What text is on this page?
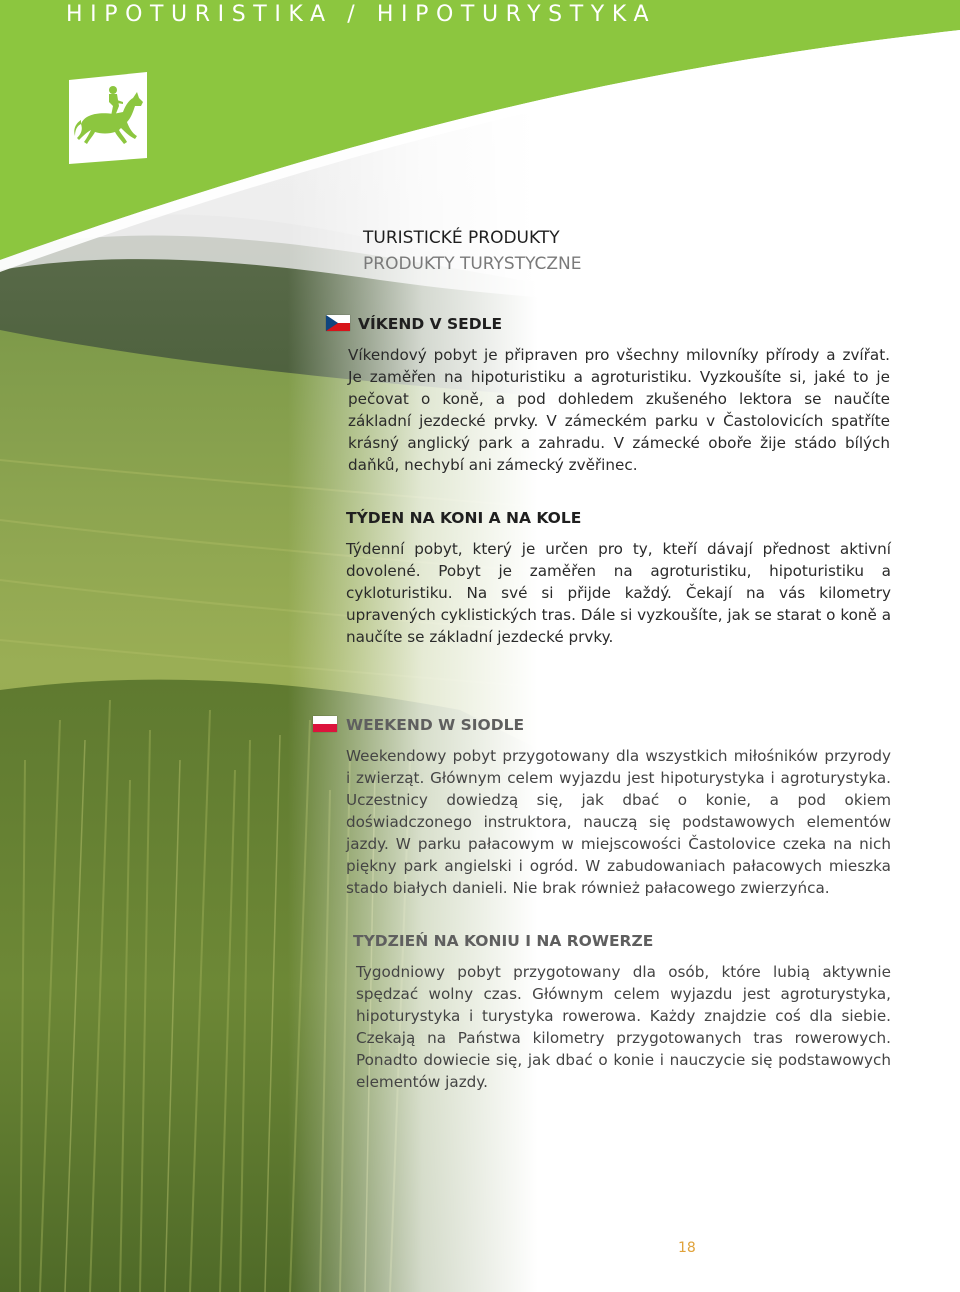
HIPOTURISTIKA / HIPOTURYSTYKA
TURISTICKÉ PRODUKTY
PRODUKTY TURYSTYCZNE
VÍKEND V SEDLE
Víkendový pobyt je připraven pro všechny milovníky přírody a zvířat. Je zaměřen na hipoturistiku a agroturistiku. Vyzkoušíte si, jaké to je pečovat o koně, a pod dohledem zkušeného lektora se naučíte základní jezdecké prvky. V zámeckém parku v Častolovicích spatříte krásný anglický park a zahradu. V zámecké oboře žije stádo bílých daňků, nechybí ani zámecký zvěřinec.
TÝDEN NA KONI A NA KOLE
Týdenní pobyt, který je určen pro ty, kteří dávají přednost aktivní dovolené. Pobyt je zaměřen na agroturistiku, hipoturistiku a cykloturistiku. Na své si přijde každý. Čekají na vás kilometry upravených cyklistických tras. Dále si vyzkoušíte, jak se starat o koně a naučíte se základní jezdecké prvky.
WEEKEND W SIODLE
Weekendowy pobyt przygotowany dla wszystkich miłośników przyrody i zwierząt. Głównym celem wyjazdu jest hipoturystyka i agroturystyka. Uczestnicy dowiedzą się, jak dbać o konie, a pod okiem doświadczonego instruktora, nauczą się podstawowych elementów jazdy. W parku pałacowym w miejscowości Častolovice czeka na nich piękny park angielski i ogród. W zabudowaniach pałacowych mieszka stado białych danieli. Nie brak również pałacowego zwierzyńca.
TYDZIEŃ NA KONIU I NA ROWERZE
Tygodniowy pobyt przygotowany dla osób, które lubią aktywnie spędzać wolny czas. Głównym celem wyjazdu jest agroturystyka, hipoturystyka i turystyka rowerowa. Każdy znajdzie coś dla siebie. Czekają na Państwa kilometry przygotowanych tras rowerowych. Ponadto dowiecie się, jak dbać o konie i nauczycie się podstawowych elementów jazdy.
18
